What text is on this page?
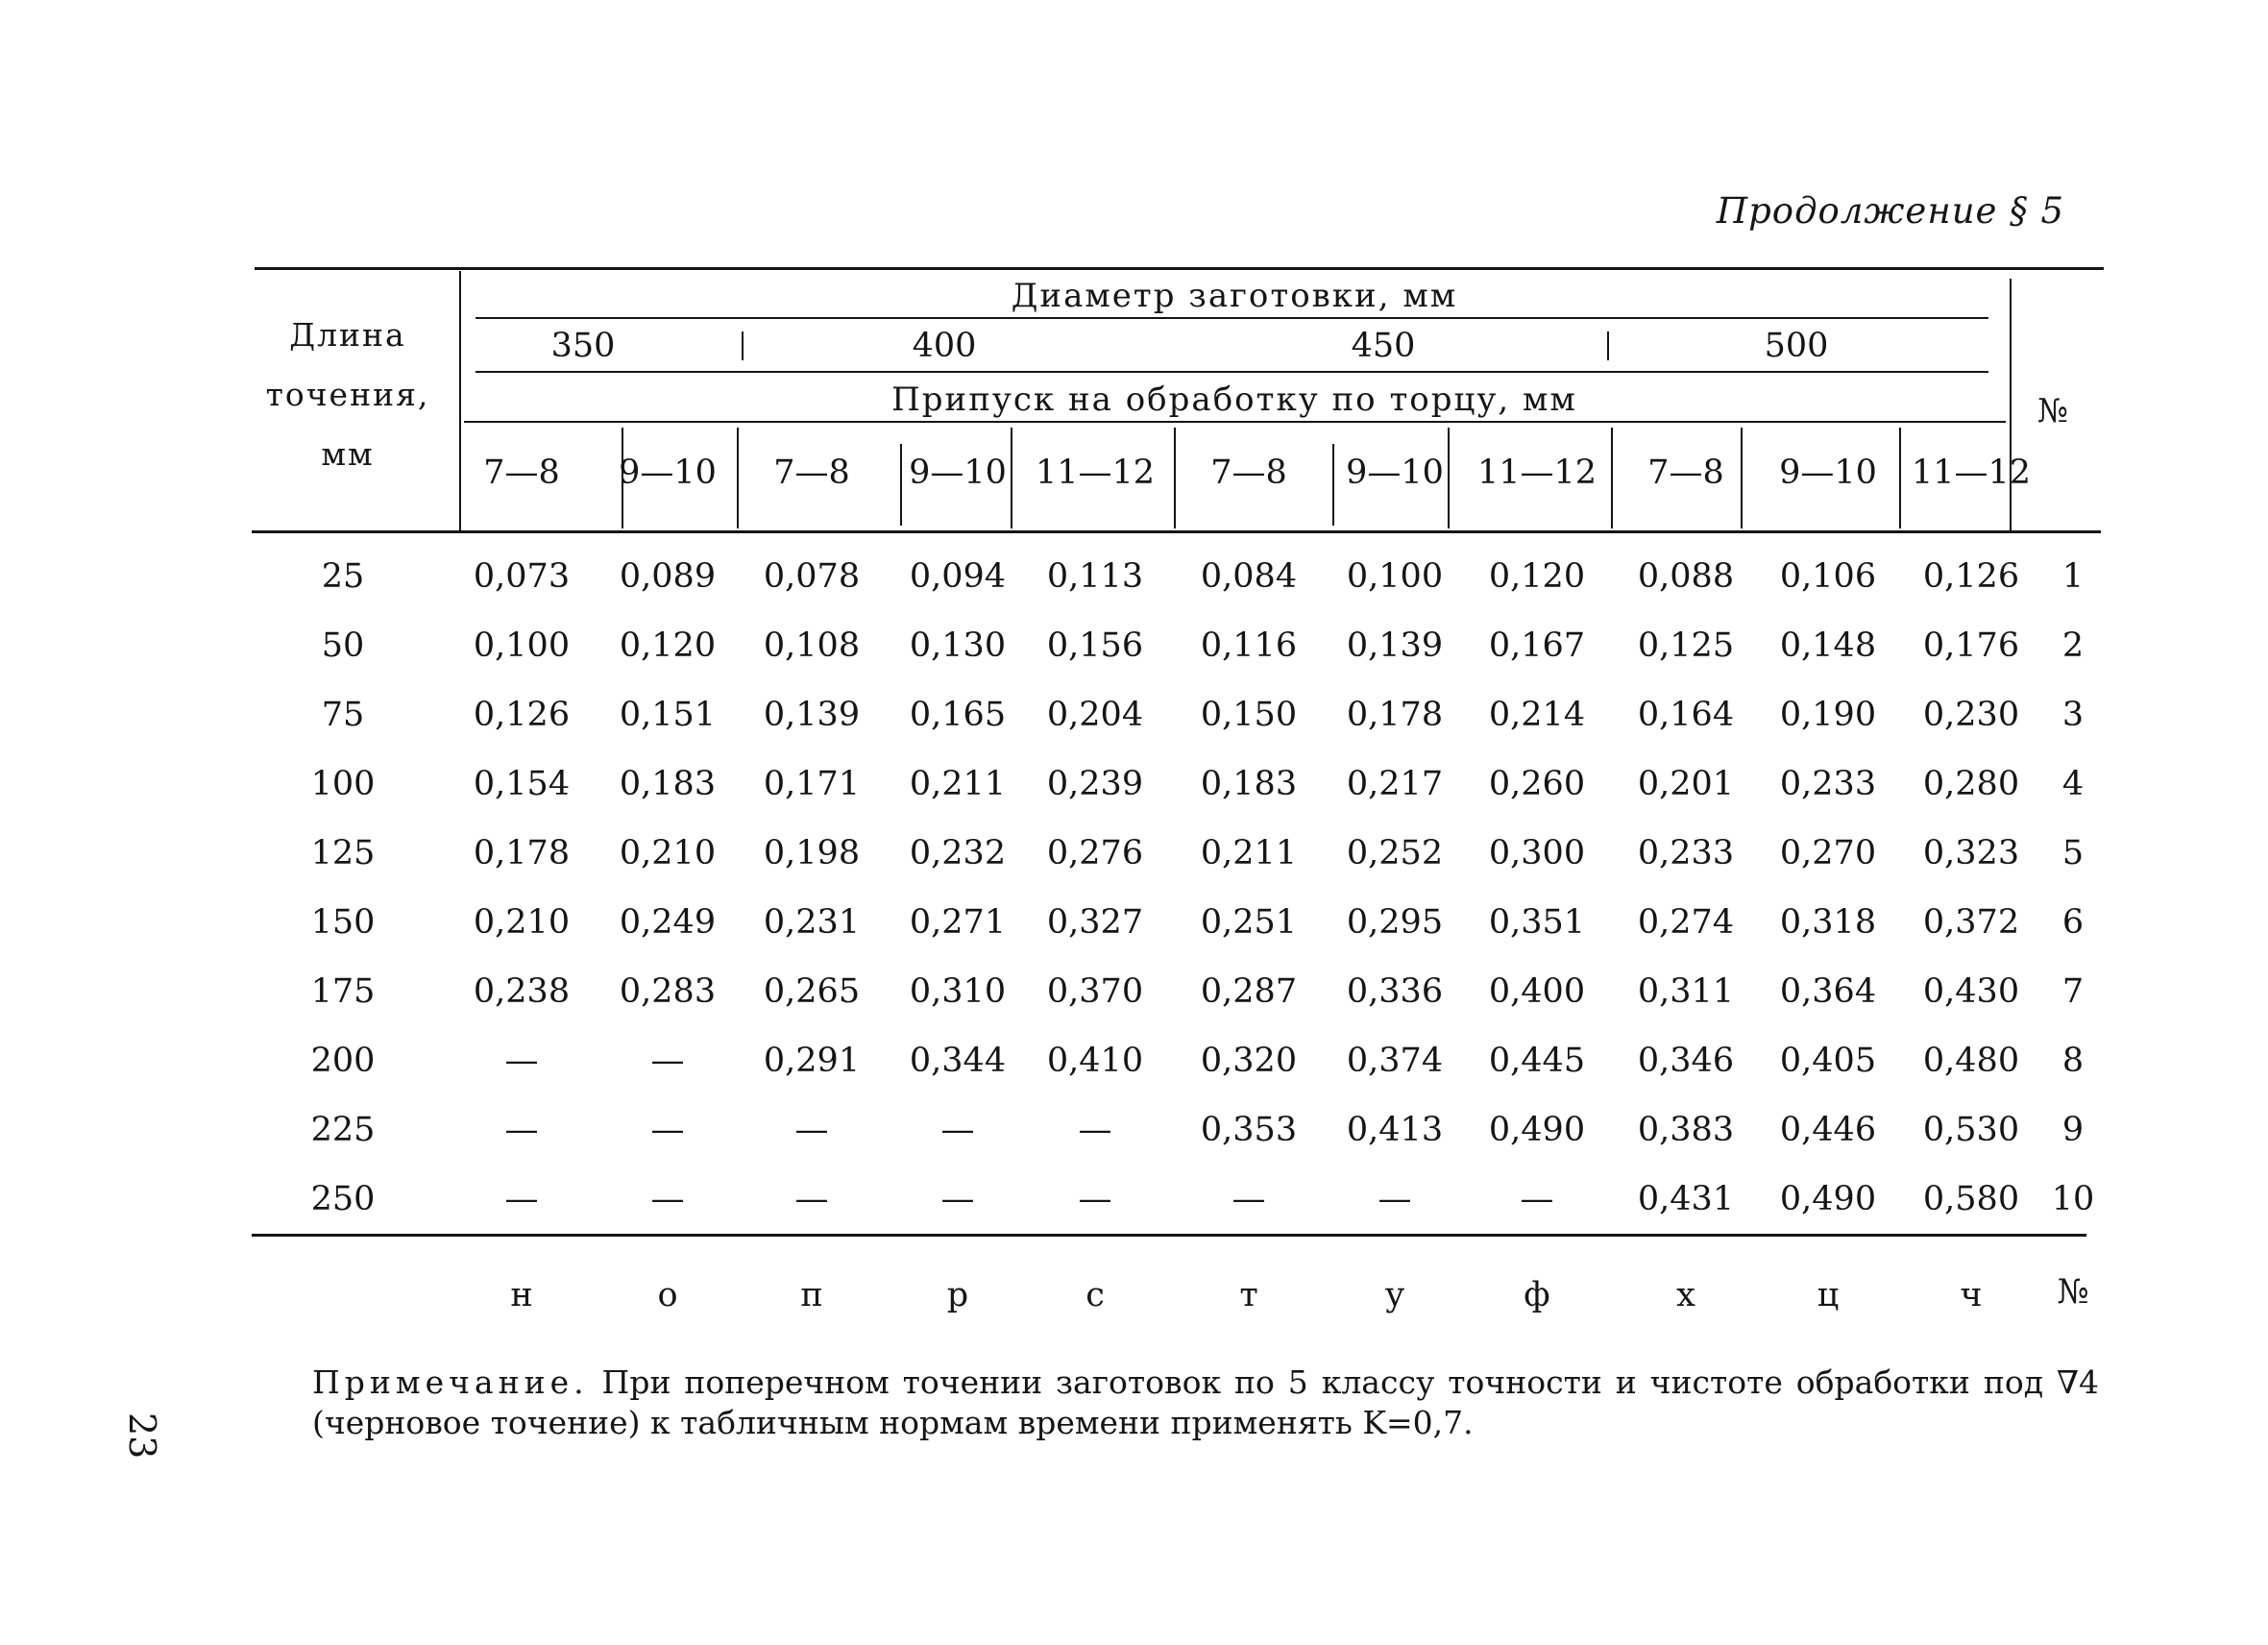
Продолжение § 5
Длина
точения,
мм
Диаметр заготовки, мм
350	400	450	500
Припуск на обработку по торцу, мм	№
7—8 9—10 7—8 9—10 11—12 7—8 9—10 11—12 7—8 9—10 11—12
25	0,073 0,089 0,078 0,094 0,113 0,084 0,100 0,120 0,088 0,106 0,126 1
50	0,100 0,120 0,108 0,130 0,156 0,116 0,139 0,167 0,125 0,148 0,176 2
75	0,126 0,151 0,139 0,165 0,204 0,150 0,178 0,214 0,164 0,190 0,230 3
100	0,154 0,183 0,171 0,211 0,239 0,183 0,217 0,260 0,201 0,233 0,280 4
125	0,178 0,210 0,198 0,232 0,276 0,211 0,252 0,300 0,233 0,270 0,323 5
150	0,210 0,249 0,231 0,271 0,327 0,251 0,295 0,351 0,274 0,318 0,372 6
175	0,238 0,283 0,265 0,310 0,370 0,287 0,336 0,400 0,311 0,364 0,430 7
200	—	— 0,291 0,344 0,410 0,320 0,374 0,445 0,346 0,405 0,480 8
225	—	—	—	—	—	0,353 0,413 0,490 0,383 0,446 0,530 9
250	—	—	—	—	—	—	—	— 0,431 0,490 0,580 10
н	о	п	р	с	т	у	ф	х	ц	ч №
Примечание. При поперечном точении заготовок по 5 классу точности и чистоте обработки под ∇4 (черновое точение) к табличным нормам времени применять K=0,7.
23
